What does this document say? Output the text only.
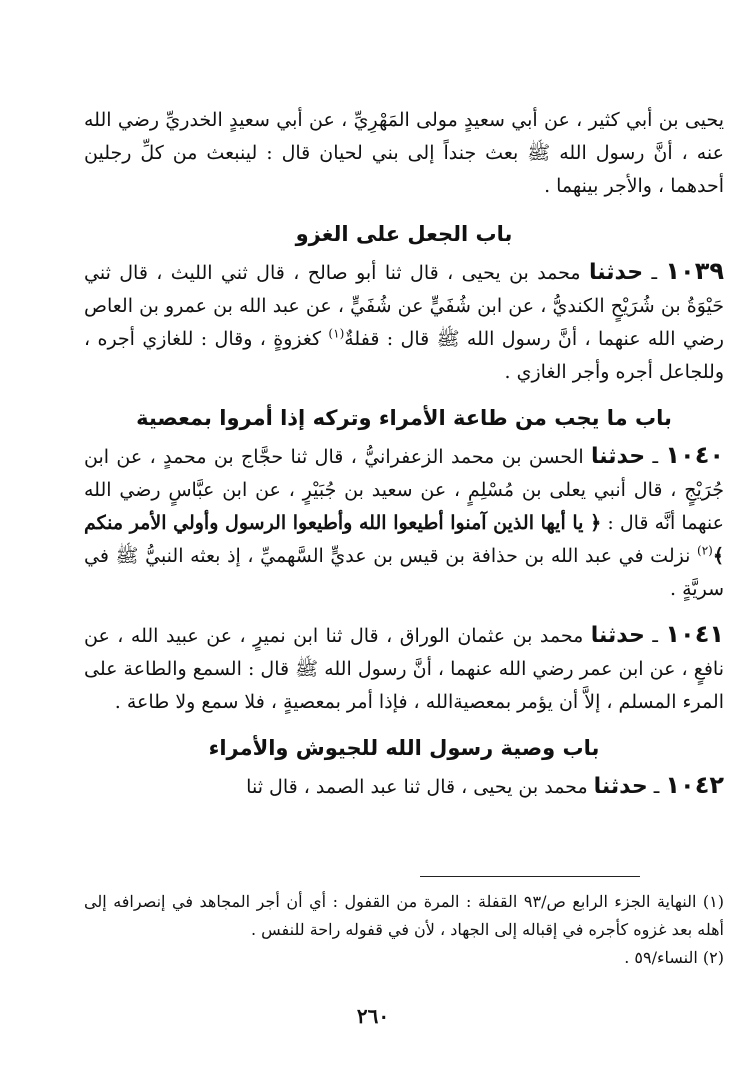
يحيى بن أبي كثير ، عن أبي سعيدٍ مولى المَهْرِيِّ ، عن أبي سعيدٍ الخدريِّ رضي الله عنه ، أنَّ رسول الله ﷺ بعث جنداً إلى بني لحيان قال : لينبعث من كلِّ رجلين أحدهما ، والأجر بينهما .

باب الجعل على الغزو

١٠٣٩ ـ حدثنا محمد بن يحيى ، قال ثنا أبو صالح ، قال ثني الليث ، قال ثني حَيْوَةُ بن شُرَيْحٍ الكنديُّ ، عن ابن شُفَيٍّ عن شُفَيٍّ ، عن عبد الله بن عمرو بن العاص رضي الله عنهما ، أنَّ رسول الله ﷺ قال : قفلةٌ$^{(١)}$ كغزوةٍ ، وقال : للغازي أجره ، وللجاعل أجره وأجر الغازي .

باب ما يجب من طاعة الأمراء وتركه إذا أمروا بمعصية

١٠٤٠ ـ حدثنا الحسن بن محمد الزعفرانيُّ ، قال ثنا حجَّاج بن محمدٍ ، عن ابن جُرَيْجٍ ، قال أنبي يعلى بن مُسْلِمٍ ، عن سعيد بن جُبَيْرٍ ، عن ابن عبَّاسٍ رضي الله عنهما أنَّه قال : ﴿ يا أيها الذين آمنوا أطيعوا الله وأطيعوا الرسول وأولي الأمر منكم ﴾$^{(٢)}$ نزلت في عبد الله بن حذافة بن قيس بن عديٍّ السَّهميِّ ، إذ بعثه النبيُّ ﷺ في سريَّةٍ .

١٠٤١ ـ حدثنا محمد بن عثمان الوراق ، قال ثنا ابن نميرٍ ، عن عبيد الله ، عن نافعٍ ، عن ابن عمر رضي الله عنهما ، أنَّ رسول الله ﷺ قال : السمع والطاعة على المرء المسلم ، إلاَّ أن يؤمر بمعصيةالله ، فإذا أمر بمعصيةٍ ، فلا سمع ولا طاعة .

باب وصية رسول الله للجيوش والأمراء

١٠٤٢ ـ حدثنا محمد بن يحيى ، قال ثنا عبد الصمد ، قال ثنا

(١) النهاية الجزء الرابع ص/٩٣ القفلة : المرة من القفول : أي أن أجر المجاهد في إنصرافه إلى أهله بعد غزوه كأجره في إقباله إلى الجهاد ، لأن في قفوله راحة للنفس .

(٢) النساء/٥٩ .

٢٦٠
